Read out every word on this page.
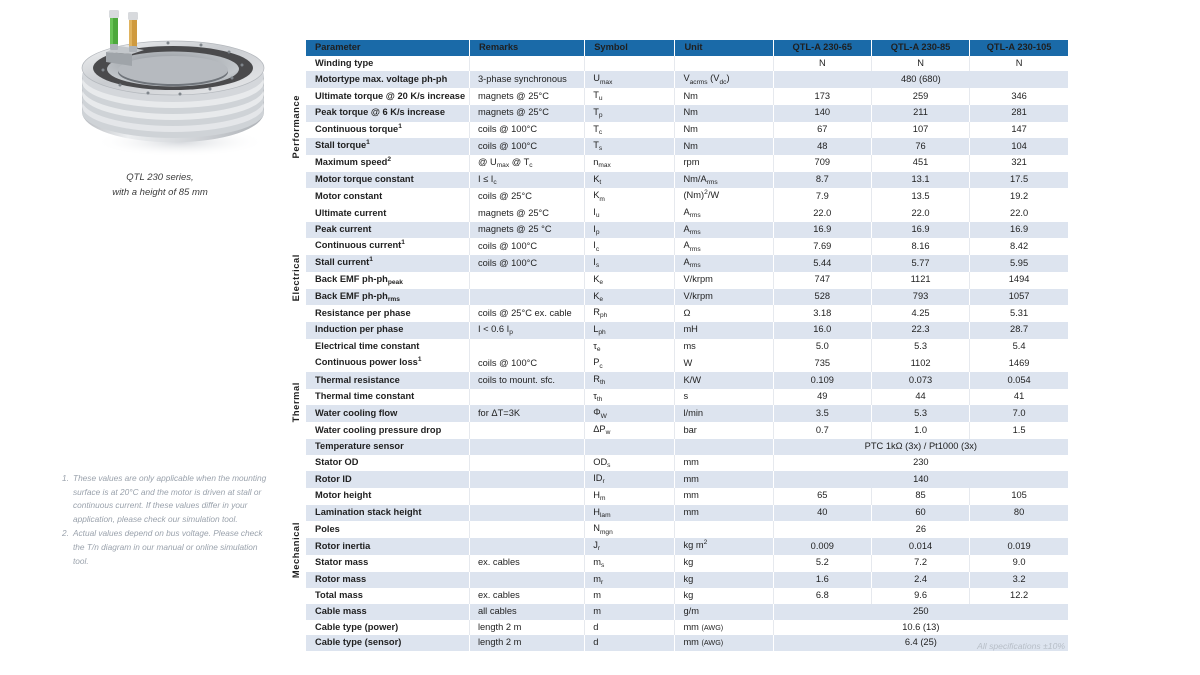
QTL 230 series,
with a height of 85 mm
1. These values are only applicable when the mounting surface is at 20°C and the motor is driven at stall or continuous current. If these values differ in your application, please check our simulation tool.
2. Actual values depend on bus voltage. Please check the T/n diagram in our manual or online simulation tool.
	Parameter	Remarks	Symbol	Unit	QTL-A 230-65	QTL-A 230-85	QTL-A 230-105
Performance	Winding type				N	N	N
	Motortype max. voltage ph-ph	3-phase synchronous	$U_{max}$	$V_{acrms}$ $(V_{dc})$	480 (680)		
	Ultimate torque @ 20 K/s increase	magnets @ 25°C	$T_u$	Nm	173	259	346
	Peak torque @ 6 K/s increase	magnets @ 25°C	$T_p$	Nm	140	211	281
	Continuous torque$^1$	coils @ 100°C	$T_c$	Nm	67	107	147
	Stall torque$^1$	coils @ 100°C	$T_s$	Nm	48	76	104
	Maximum speed$^2$	@ $U_{max}$ @ $T_c$	$n_{max}$	rpm	709	451	321
	Motor torque constant	$I \le I_c$	$K_t$	$Nm/A_{rms}$	8.7	13.1	17.5
	Motor constant	coils @ 25°C	$K_m$	$(Nm)^2/W$	7.9	13.5	19.2
Electrical	Ultimate current	magnets @ 25°C	$I_u$	$A_{rms}$	22.0	22.0	22.0
	Peak current	magnets @ 25 °C	$I_p$	$A_{rms}$	16.9	16.9	16.9
	Continuous current$^1$	coils @ 100°C	$I_c$	$A_{rms}$	7.69	8.16	8.42
	Stall current$^1$	coils @ 100°C	$I_s$	$A_{rms}$	5.44	5.77	5.95
	Back EMF $ph-ph_{peak}$		$K_e$	V/krpm	747	1121	1494
	Back EMF $ph-ph_{rms}$		$K_e$	V/krpm	528	793	1057
	Resistance per phase	coils @ 25°C ex. cable	$R_{ph}$	Ω	3.18	4.25	5.31
	Induction per phase	I < 0.6 $I_p$	$L_{ph}$	mH	16.0	22.3	28.7
	Electrical time constant		$\tau_e$	ms	5.0	5.3	5.4
Thermal	Continuous power loss$^1$	coils @ 100°C	$P_c$	W	735	1102	1469
	Thermal resistance	coils to mount. sfc.	$R_{th}$	K/W	0.109	0.073	0.054
	Thermal time constant		$\tau_{th}$	s	49	44	41
	Water cooling flow	for ΔT=3K	$\Phi_W$	l/min	3.5	5.3	7.0
	Water cooling pressure drop		$\Delta P_w$	bar	0.7	1.0	1.5
	Temperature sensor				PTC 1kΩ (3x) / Pt1000 (3x)		
Mechanical	Stator OD		$OD_s$	mm	230		
	Rotor ID		$ID_r$	mm	140		
	Motor height		$H_m$	mm	65	85	105
	Lamination stack height		$H_{lam}$	mm	40	60	80
	Poles		$N_{mgn}$		26		
	Rotor inertia		$J_r$	kg $m^2$	0.009	0.014	0.019
	Stator mass	ex. cables	$m_s$	kg	5.2	7.2	9.0
	Rotor mass		$m_r$	kg	1.6	2.4	3.2
	Total mass	ex. cables	m	kg	6.8	9.6	12.2
	Cable mass	all cables	m	g/m	250		
	Cable type (power)	length 2 m	d	mm (AWG)	10.6 (13)		
	Cable type (sensor)	length 2 m	d	mm (AWG)	6.4 (25)			All specifications ±10%
